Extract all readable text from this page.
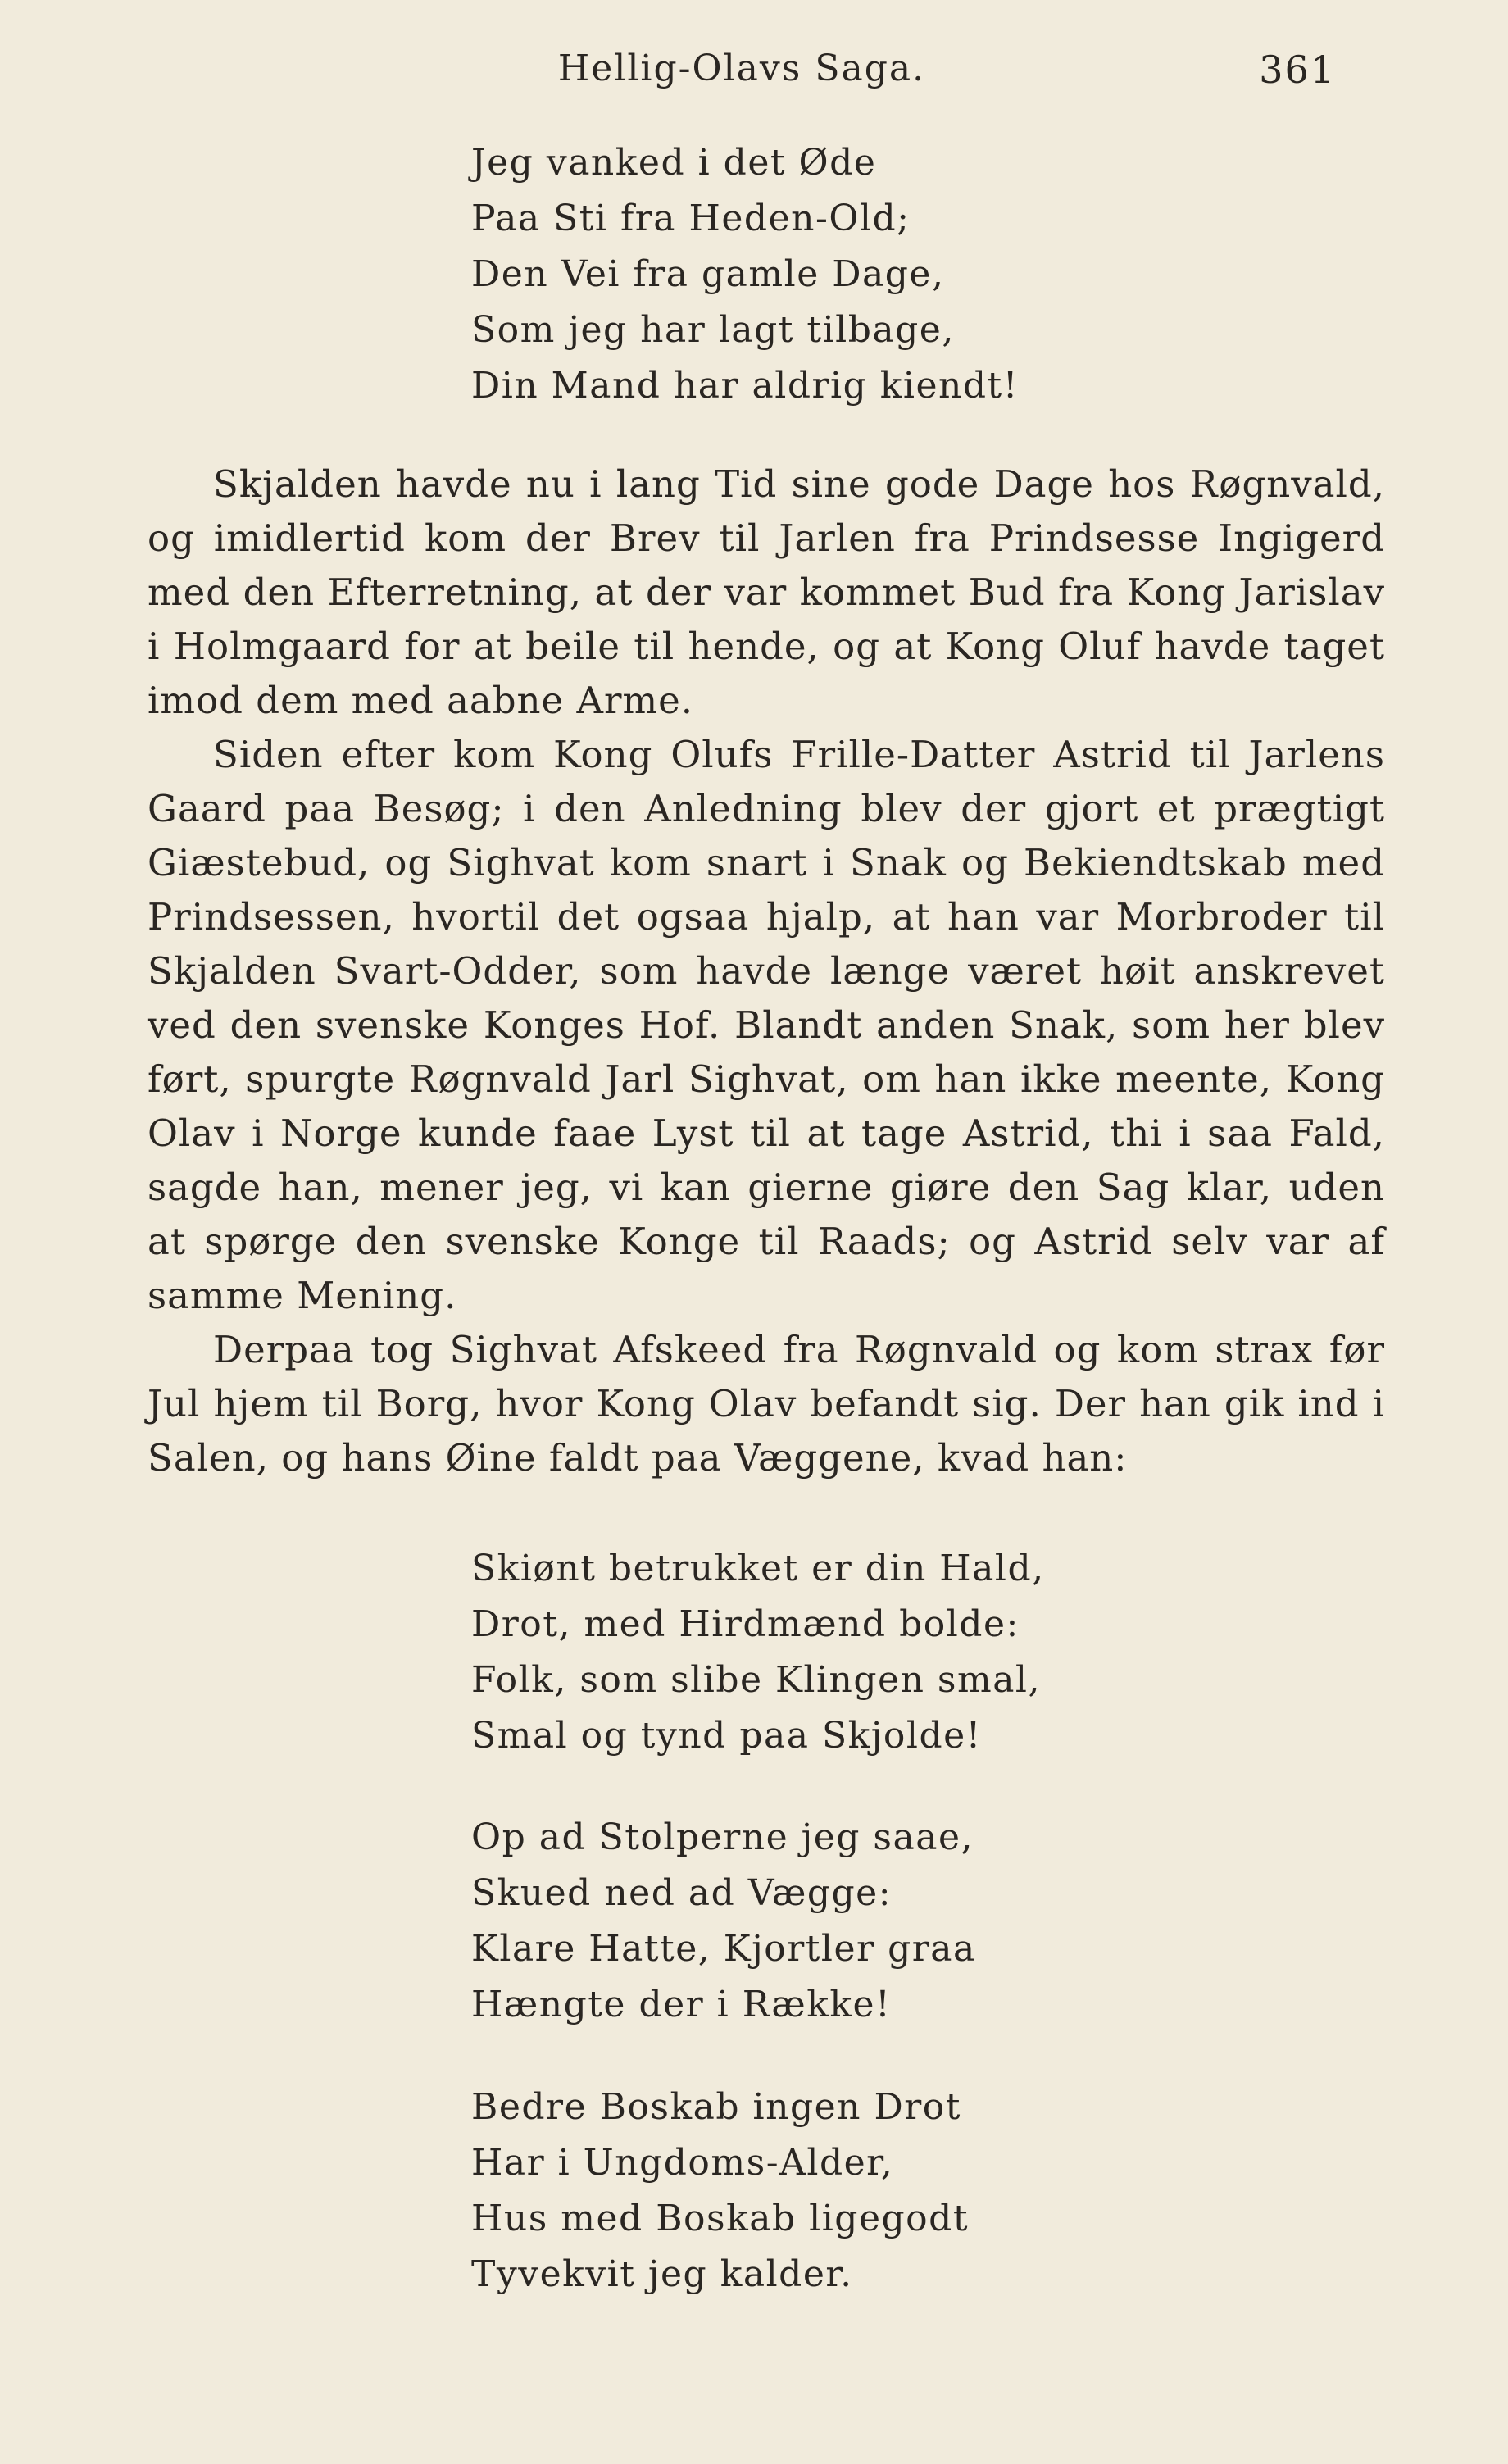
Hellig-Olavs Saga.	361
Jeg vanked i det Øde
Paa Sti fra Heden-Old;
Den Vei fra gamle Dage,
Som jeg har lagt tilbage,
Din Mand har aldrig kiendt!

Skjalden havde nu i lang Tid sine gode Dage hos Røgnvald, og imidlertid kom der Brev til Jarlen fra Prindsesse Ingigerd med den Efterretning, at der var kommet Bud fra Kong Jarislav i Holmgaard for at beile til hende, og at Kong Oluf havde taget imod dem med aabne Arme.

Siden efter kom Kong Olufs Frille-Datter Astrid til Jarlens Gaard paa Besøg; i den Anledning blev der gjort et prægtigt Giæstebud, og Sighvat kom snart i Snak og Bekiendtskab med Prindsessen, hvortil det ogsaa hjalp, at han var Morbroder til Skjalden Svart-Odder, som havde længe været høit anskrevet ved den svenske Konges Hof. Blandt anden Snak, som her blev ført, spurgte Røgnvald Jarl Sighvat, om han ikke meente, Kong Olav i Norge kunde faae Lyst til at tage Astrid, thi i saa Fald, sagde han, mener jeg, vi kan gierne giøre den Sag klar, uden at spørge den svenske Konge til Raads; og Astrid selv var af samme Mening.

Derpaa tog Sighvat Afskeed fra Røgnvald og kom strax før Jul hjem til Borg, hvor Kong Olav befandt sig. Der han gik ind i Salen, og hans Øine faldt paa Væggene, kvad han:

Skiønt betrukket er din Hald,
Drot, med Hirdmænd bolde:
Folk, som slibe Klingen smal,
Smal og tynd paa Skjolde!
Op ad Stolperne jeg saae,
Skued ned ad Vægge:
Klare Hatte, Kjortler graa
Hængte der i Række!
Bedre Boskab ingen Drot
Har i Ungdoms-Alder,
Hus med Boskab ligegodt
Tyvekvit jeg kalder.
